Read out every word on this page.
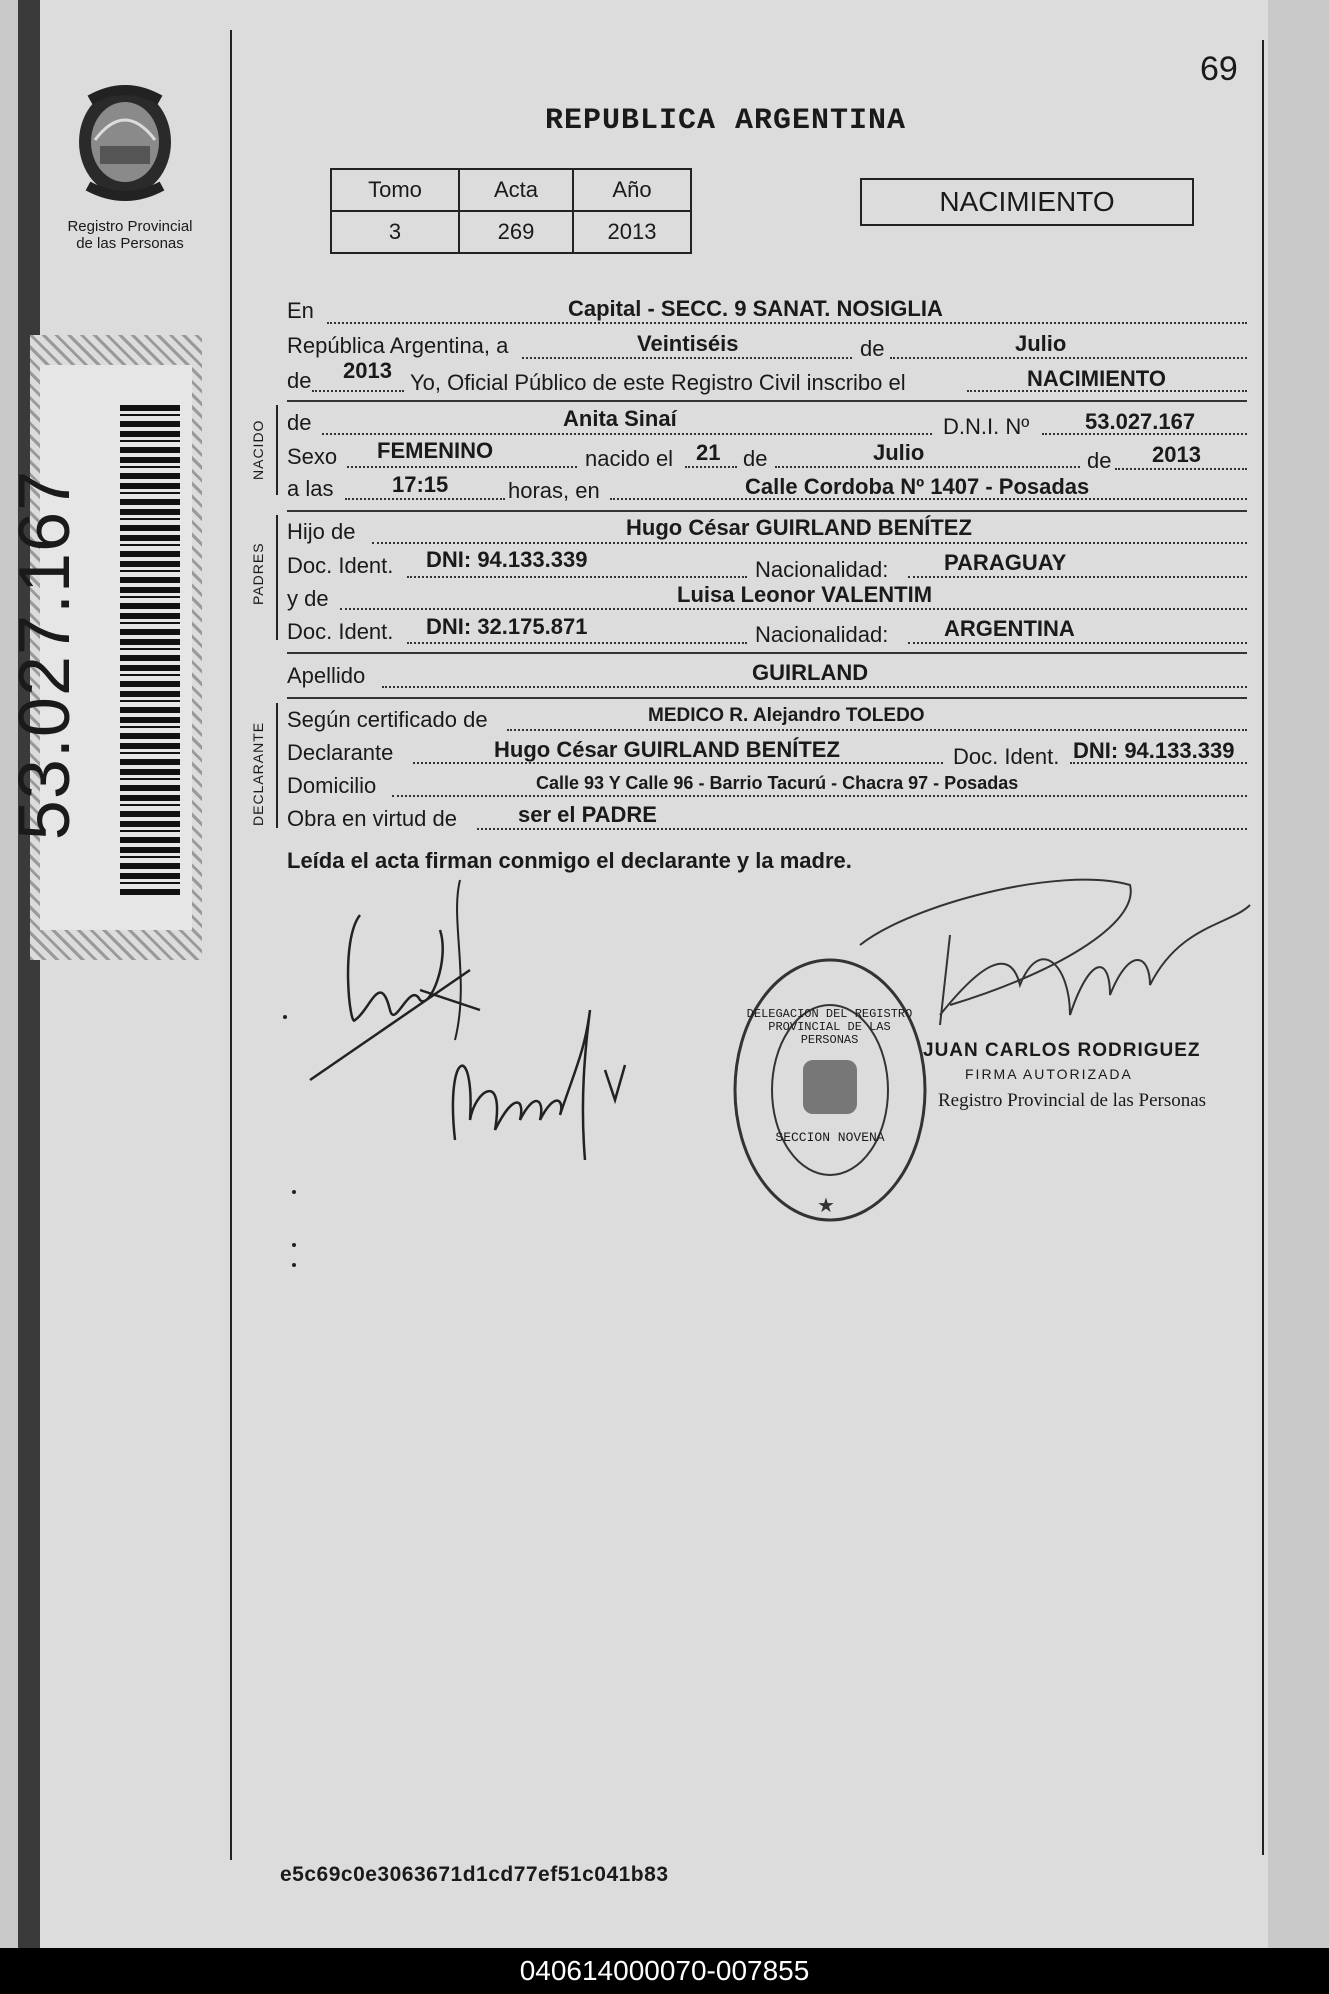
69
REPUBLICA ARGENTINA
Registro Provincial
de las Personas
Tomo	Acta	Año
3	269	2013
NACIMIENTO
53.027.167
NACIDO
PADRES
DECLARANTE
En	Capital - SECC. 9 SANAT. NOSIGLIA
República Argentina, a	Veintiséis	de	Julio
de 2013 Yo, Oficial Público de este Registro Civil inscribo el	NACIMIENTO
de	Anita Sinaí	D.N.I. Nº	53.027.167
Sexo FEMENINO	nacido el 21 de	Julio	de 2013
a las	17:15	horas, en	Calle Cordoba Nº 1407 - Posadas
Hijo de	Hugo César GUIRLAND BENÍTEZ
Doc. Ident. DNI: 94.133.339	Nacionalidad:	PARAGUAY
y de	Luisa Leonor VALENTIM
Doc. Ident. DNI: 32.175.871	Nacionalidad:	ARGENTINA
Apellido	GUIRLAND
Según certificado de	MEDICO R. Alejandro TOLEDO
Declarante	Hugo César GUIRLAND BENÍTEZ	Doc. Ident. DNI: 94.133.339
Domicilio	Calle 93 Y Calle 96 - Barrio Tacurú - Chacra 97 - Posadas
Obra en virtud de	ser el PADRE
Leída el acta firman conmigo el declarante y la madre.
★
DELEGACION DEL REGISTRO PROVINCIAL DE LAS PERSONAS
SECCION NOVENA
JUAN CARLOS RODRIGUEZ
FIRMA AUTORIZADA
Registro Provincial de las Personas
e5c69c0e3063671d1cd77ef51c041b83
040614000070-007855
